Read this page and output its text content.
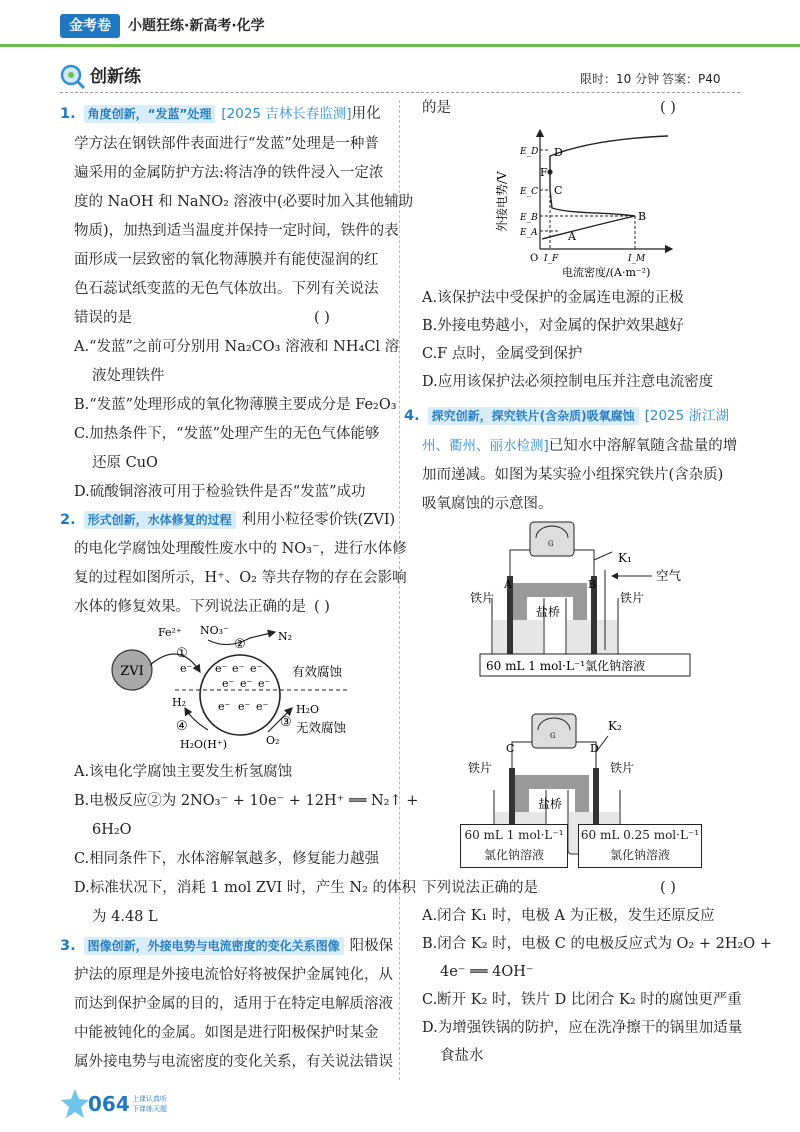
金考卷	小题狂练·新高考·化学
创新练	限时：10 分钟 答案：P40
1. 角度创新，“发蓝”处理 [2025 吉林长春监测]用化
学方法在钢铁部件表面进行“发蓝”处理是一种普
遍采用的金属防护方法:将洁净的铁件浸入一定浓
度的 NaOH 和 NaNO₂ 溶液中(必要时加入其他辅助
物质)，加热到适当温度并保持一定时间，铁件的表
面形成一层致密的氧化物薄膜并有能使湿润的红
色石蕊试纸变蓝的无色气体放出。下列有关说法
错误的是	( )
A.“发蓝”之前可分别用 Na₂CO₃ 溶液和 NH₄Cl 溶
液处理铁件
B.“发蓝”处理形成的氧化物薄膜主要成分是 Fe₂O₃
C.加热条件下，“发蓝”处理产生的无色气体能够
还原 CuO
D.硫酸铜溶液可用于检验铁件是否“发蓝”成功
2. 形式创新，水体修复的过程 利用小粒径零价铁(ZVI)
的电化学腐蚀处理酸性废水中的 NO₃⁻，进行水体修
复的过程如图所示，H⁺、O₂ 等共存物的存在会影响
水体的修复效果。下列说法正确的是 ( )
ZVI
Fe²⁺
①
e⁻
NO₃⁻
②
N₂
e⁻ e⁻ e⁻
e⁻ e⁻ e⁻
e⁻ e⁻ e⁻
有效腐蚀
H₂
④
H₂O(H⁺)
H₂O
③
O₂
无效腐蚀
A.该电化学腐蚀主要发生析氢腐蚀
B.电极反应②为 2NO₃⁻ + 10e⁻ + 12H⁺ ══ N₂↑ +
6H₂O
C.相同条件下，水体溶解氧越多，修复能力越强
D.标准状况下，消耗 1 mol ZVI 时，产生 N₂ 的体积
为 4.48 L
3. 图像创新，外接电势与电流密度的变化关系图像 阳极保
护法的原理是外接电流恰好将被保护金属钝化，从
而达到保护金属的目的，适用于在特定电解质溶液
中能被钝化的金属。如图是进行阳极保护时某金
属外接电势与电流密度的变化关系，有关说法错误
064 上课认真听
下课练天题
的是	( )
O
D
F
C
B
A
E_D
E_C
E_B
E_A
I_F	I_M
电流密度/(A·m⁻²)
外接电势/V
A.该保护法中受保护的金属连电源的正极
B.外接电势越小，对金属的保护效果越好
C.F 点时，金属受到保护
D.应用该保护法必须控制电压并注意电流密度
4. 探究创新，探究铁片(含杂质)吸氧腐蚀 [2025 浙江湖
州、衢州、丽水检测]已知水中溶解氧随含盐量的增
加而递减。如图为某实验小组探究铁片(含杂质)
吸氧腐蚀的示意图。
G
K₁
盐桥
空气
A	B
铁片	铁片
60 mL 1 mol·L⁻¹氯化钠溶液
G
K₂
盐桥
C	D
铁片	铁片
60 mL 1 mol·L⁻¹
氯化钠溶液
60 mL 0.25 mol·L⁻¹
氯化钠溶液
下列说法正确的是	( )
A.闭合 K₁ 时，电极 A 为正极，发生还原反应
B.闭合 K₂ 时，电极 C 的电极反应式为 O₂ + 2H₂O +
4e⁻ ══ 4OH⁻
C.断开 K₂ 时，铁片 D 比闭合 K₂ 时的腐蚀更严重
D.为增强铁锅的防护，应在洗净擦干的锅里加适量
食盐水
